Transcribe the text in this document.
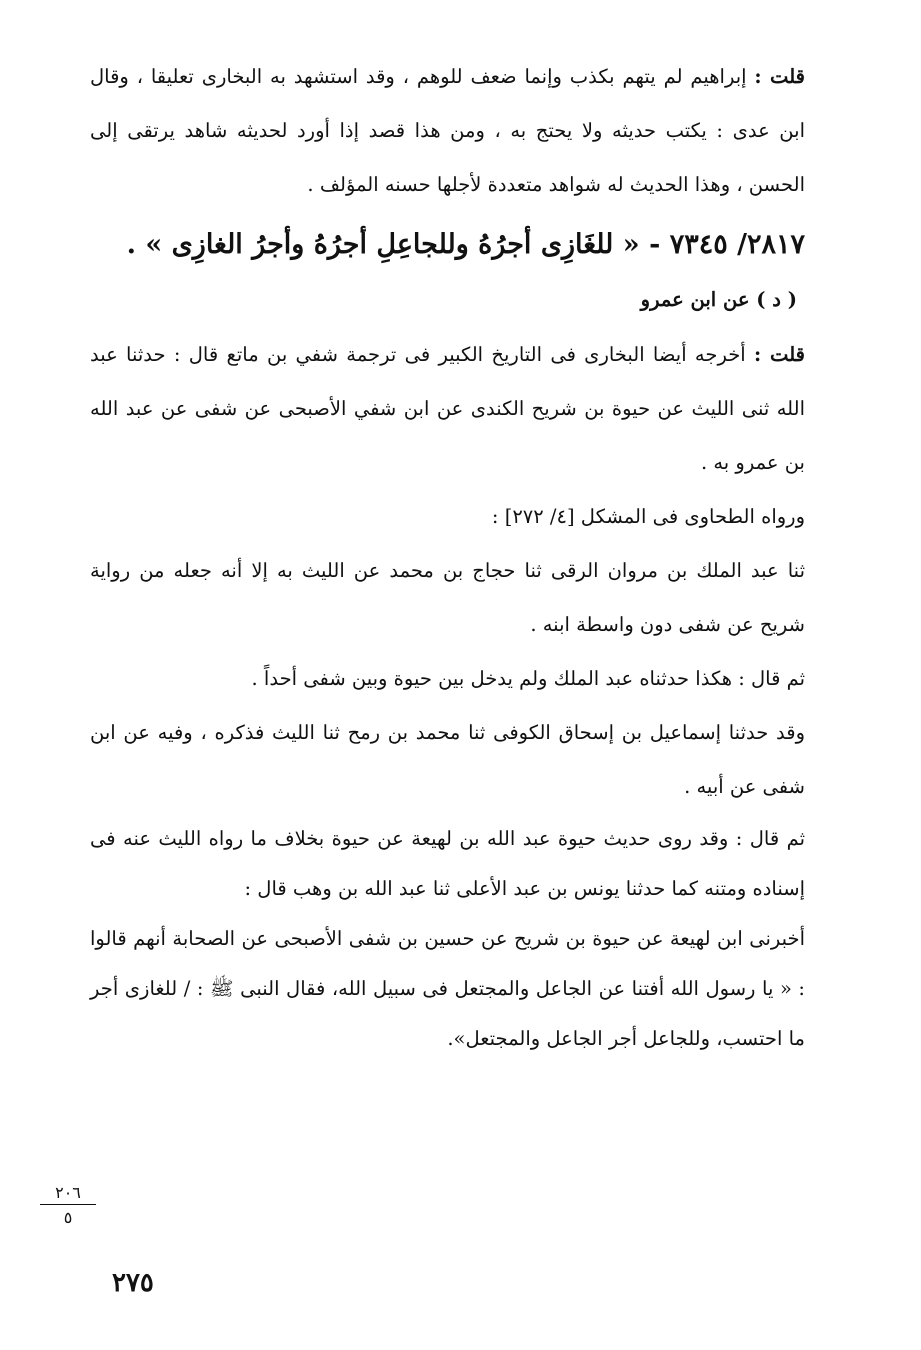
قلت : إبراهيم لم يتهم بكذب وإنما ضعف للوهم ، وقد استشهد به البخارى تعليقا ، وقال ابن عدى : يكتب حديثه ولا يحتج به ، ومن هذا قصد إذا أورد لحديثه شاهد يرتقى إلى الحسن ، وهذا الحديث له شواهد متعددة لأجلها حسنه المؤلف .

٢٨١٧/ ٧٣٤٥ - « للغَازِى أجرُهُ وللجاعِلِ أجرُهُ وأجرُ الغازِى » .
( د ) عن ابن عمرو

قلت : أخرجه أيضا البخارى فى التاريخ الكبير فى ترجمة شفي بن ماتع قال : حدثنا عبد الله ثنى الليث عن حيوة بن شريح الكندى عن ابن شفي الأصبحى عن شفى عن عبد الله بن عمرو به .

ورواه الطحاوى فى المشكل [٤/ ٢٧٢] :

ثنا عبد الملك بن مروان الرقى ثنا حجاج بن محمد عن الليث به إلا أنه جعله من رواية شريح عن شفى دون واسطة ابنه .

ثم قال : هكذا حدثناه عبد الملك ولم يدخل بين حيوة وبين شفى أحداً .

وقد حدثنا إسماعيل بن إسحاق الكوفى ثنا محمد بن رمح ثنا الليث فذكره ، وفيه عن ابن شفى عن أبيه .

ثم قال : وقد روى حديث حيوة عبد الله بن لهيعة عن حيوة بخلاف ما رواه الليث عنه فى إسناده ومتنه كما حدثنا يونس بن عبد الأعلى ثنا عبد الله بن وهب قال :

أخبرنى ابن لهيعة عن حيوة بن شريح عن حسين بن شفى الأصبحى عن الصحابة أنهم قالوا : « يا رسول الله أفتنا عن الجاعل والمجتعل فى سبيل الله، فقال النبى ﷺ : / للغازى أجر ما احتسب، وللجاعل أجر الجاعل والمجتعل».

٢٠٦
٥
٢٧٥
